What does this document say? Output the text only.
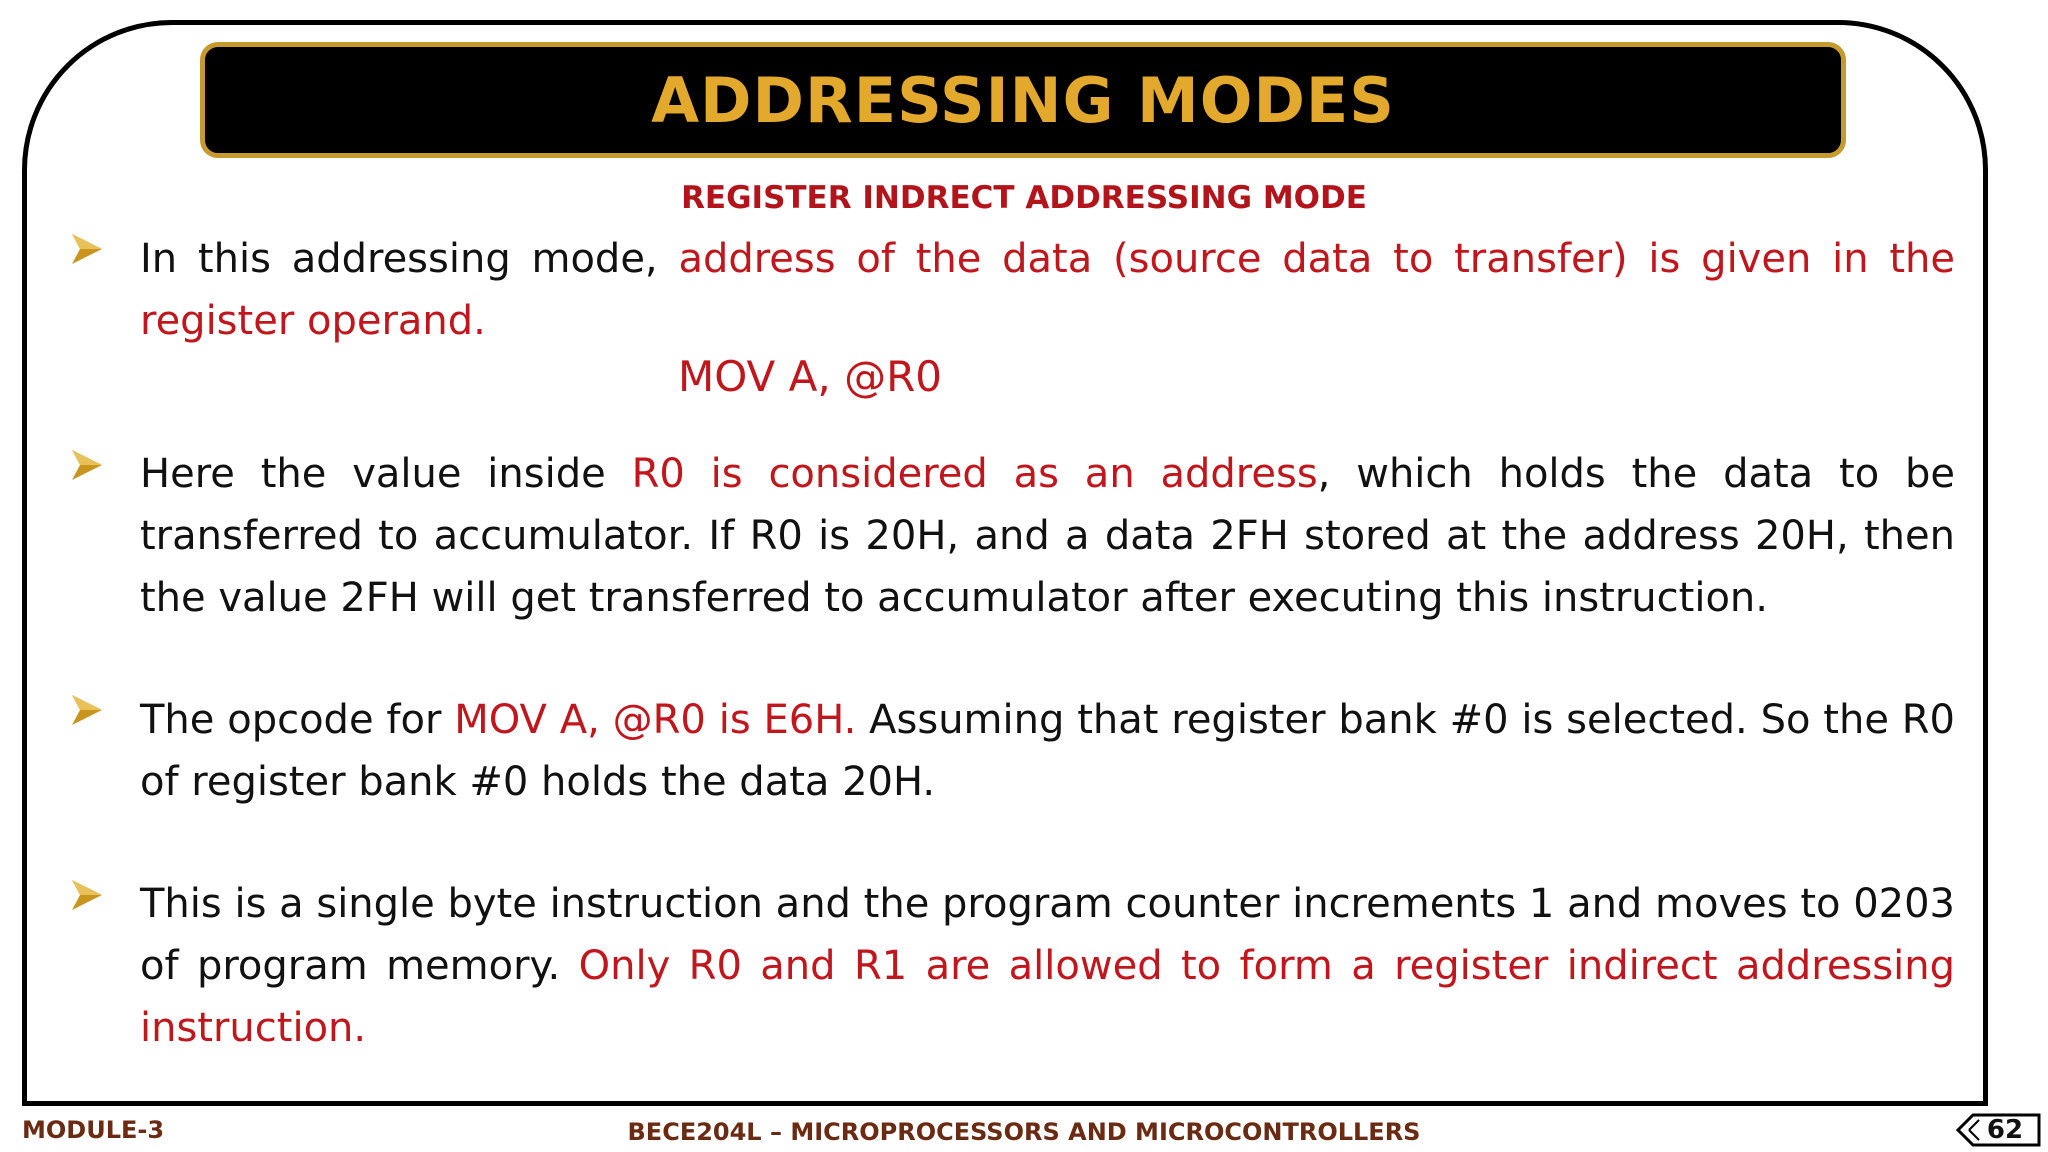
ADDRESSING MODES
REGISTER INDRECT ADDRESSING MODE
In this addressing mode, address of the data (source data to transfer) is given in the register operand.
MOV A, @R0
Here the value inside R0 is considered as an address, which holds the data to be transferred to accumulator. If R0 is 20H, and a data 2FH stored at the address 20H, then the value 2FH will get transferred to accumulator after executing this instruction.
The opcode for MOV A, @R0 is E6H. Assuming that register bank #0 is selected. So the R0 of register bank #0 holds the data 20H.
This is a single byte instruction and the program counter increments 1 and moves to 0203 of program memory. Only R0 and R1 are allowed to form a register indirect addressing instruction.
MODULE-3	BECE204L – MICROPROCESSORS AND MICROCONTROLLERS	62
